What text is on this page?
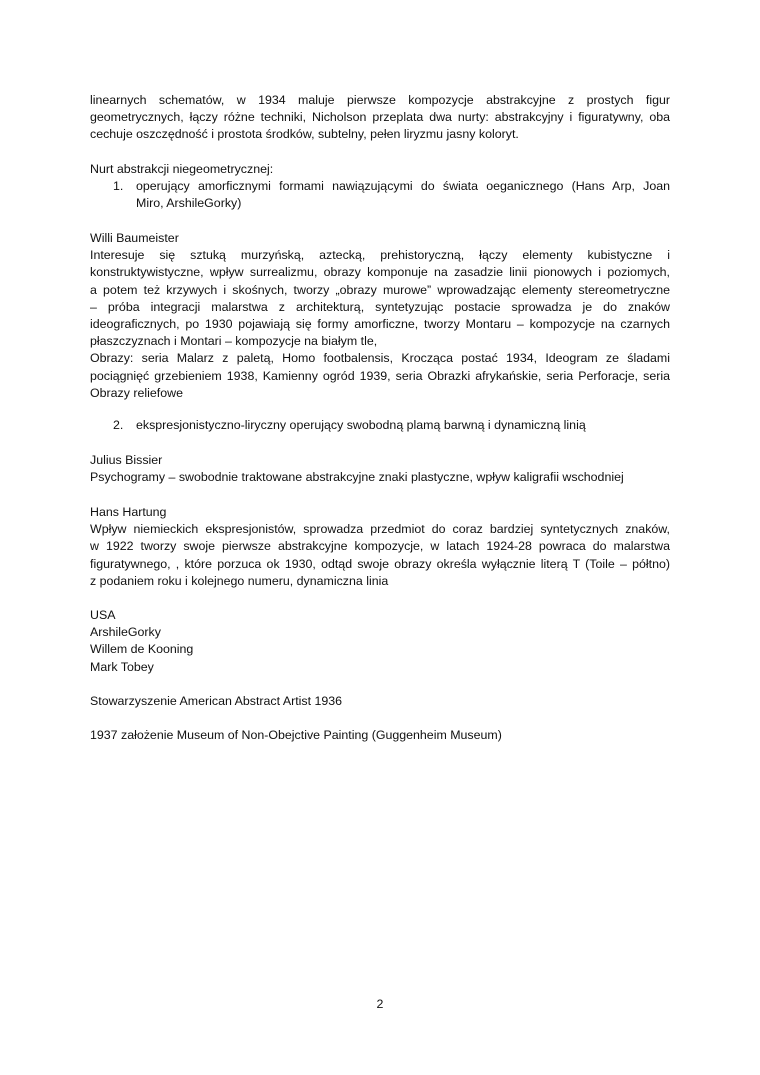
linearnych schematów, w 1934 maluje pierwsze kompozycje abstrakcyjne z prostych figur
geometrycznych, łączy różne techniki, Nicholson przeplata dwa nurty: abstrakcyjny i figuratywny, oba
cechuje oszczędność i prostota środków, subtelny, pełen liryzmu jasny koloryt.
Nurt abstrakcji niegeometrycznej:
1. operujący amorficznymi formami nawiązującymi do świata oeganicznego (Hans Arp, Joan
Miro, ArshileGorky)
Willi Baumeister
Interesuje się sztuką murzyńską, aztecką, prehistoryczną, łączy elementy kubistyczne i
konstruktywistyczne, wpływ surrealizmu, obrazy komponuje na zasadzie linii pionowych i poziomych,
a potem też krzywych i skośnych, tworzy „obrazy murowe” wprowadzając elementy stereometryczne
– próba integracji malarstwa z architekturą, syntetyzując postacie sprowadza je do znaków
ideograficznych, po 1930 pojawiają się formy amorficzne, tworzy Montaru – kompozycje na czarnych
płaszczyznach i Montari – kompozycje na białym tle,
Obrazy: seria Malarz z paletą, Homo footbalensis, Krocząca postać 1934, Ideogram ze śladami
pociągnięć grzebieniem 1938, Kamienny ogród 1939, seria Obrazki afrykańskie, seria Perforacje, seria
Obrazy reliefowe
2. ekspresjonistyczno-liryczny operujący swobodną plamą barwną i dynamiczną linią
Julius Bissier
Psychogramy – swobodnie traktowane abstrakcyjne znaki plastyczne, wpływ kaligrafii wschodniej
Hans Hartung
Wpływ niemieckich ekspresjonistów, sprowadza przedmiot do coraz bardziej syntetycznych znaków,
w 1922 tworzy swoje pierwsze abstrakcyjne kompozycje, w latach 1924-28 powraca do malarstwa
figuratywnego, , które porzuca ok 1930, odtąd swoje obrazy określa wyłącznie literą T (Toile – półtno)
z podaniem roku i kolejnego numeru, dynamiczna linia
USA
ArshileGorky
Willem de Kooning
Mark Tobey
Stowarzyszenie American Abstract Artist 1936
1937 założenie Museum of Non-Obejctive Painting (Guggenheim Museum)
2
